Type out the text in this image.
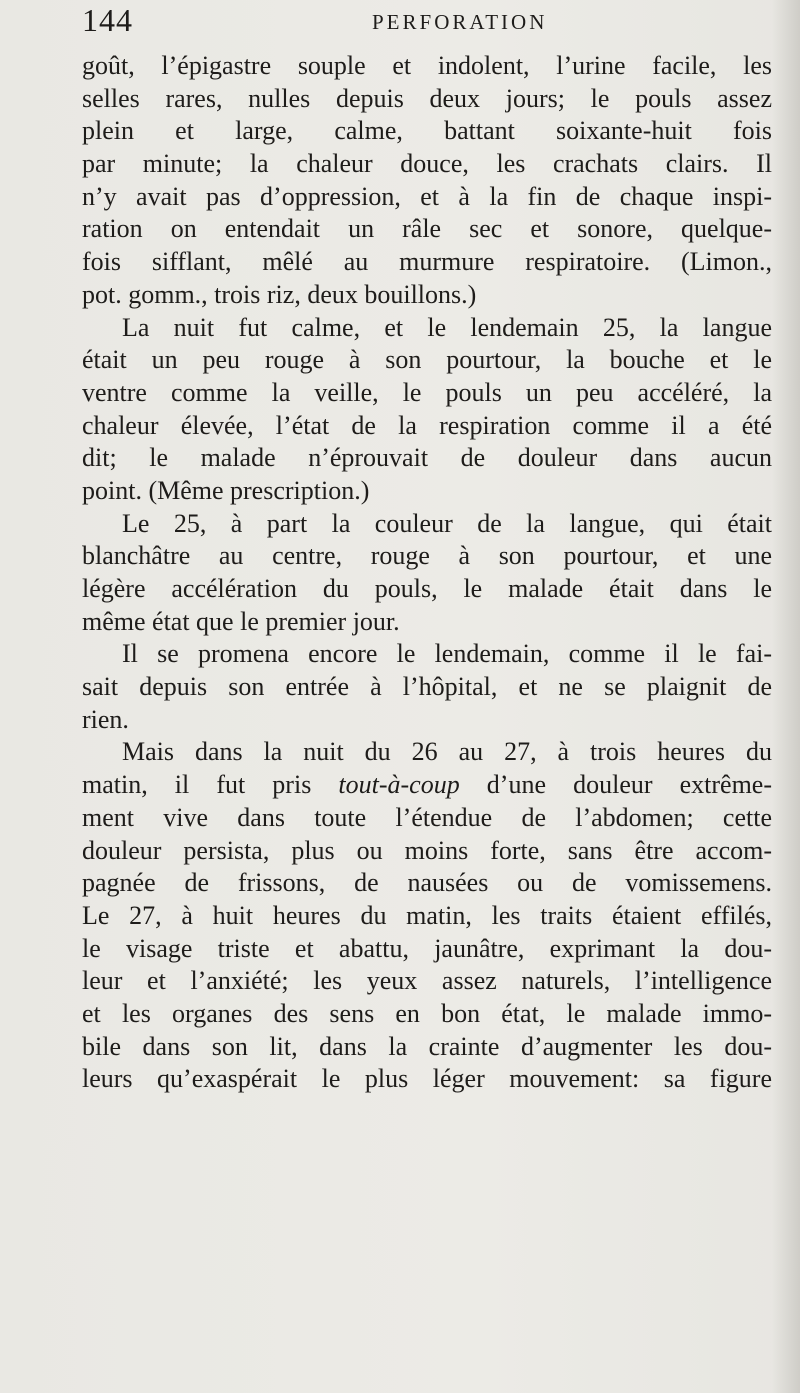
144	PERFORATION
goût, l’épigastre souple et indolent, l’urine facile, les
selles rares, nulles depuis deux jours; le pouls assez
plein et large, calme, battant soixante-huit fois
par minute; la chaleur douce, les crachats clairs. Il
n’y avait pas d’oppression, et à la fin de chaque inspi-
ration on entendait un râle sec et sonore, quelque-
fois sifflant, mêlé au murmure respiratoire. (Limon.,
pot. gomm., trois riz, deux bouillons.)
La nuit fut calme, et le lendemain 25, la langue
était un peu rouge à son pourtour, la bouche et le
ventre comme la veille, le pouls un peu accéléré, la
chaleur élevée, l’état de la respiration comme il a été
dit; le malade n’éprouvait de douleur dans aucun
point. (Même prescription.)
Le 25, à part la couleur de la langue, qui était
blanchâtre au centre, rouge à son pourtour, et une
légère accélération du pouls, le malade était dans le
même état que le premier jour.
Il se promena encore le lendemain, comme il le fai-
sait depuis son entrée à l’hôpital, et ne se plaignit de
rien.
Mais dans la nuit du 26 au 27, à trois heures du
matin, il fut pris tout-à-coup d’une douleur extrême-
ment vive dans toute l’étendue de l’abdomen; cette
douleur persista, plus ou moins forte, sans être accom-
pagnée de frissons, de nausées ou de vomissemens.
Le 27, à huit heures du matin, les traits étaient effilés,
le visage triste et abattu, jaunâtre, exprimant la dou-
leur et l’anxiété; les yeux assez naturels, l’intelligence
et les organes des sens en bon état, le malade immo-
bile dans son lit, dans la crainte d’augmenter les dou-
leurs qu’exaspérait le plus léger mouvement: sa figure
